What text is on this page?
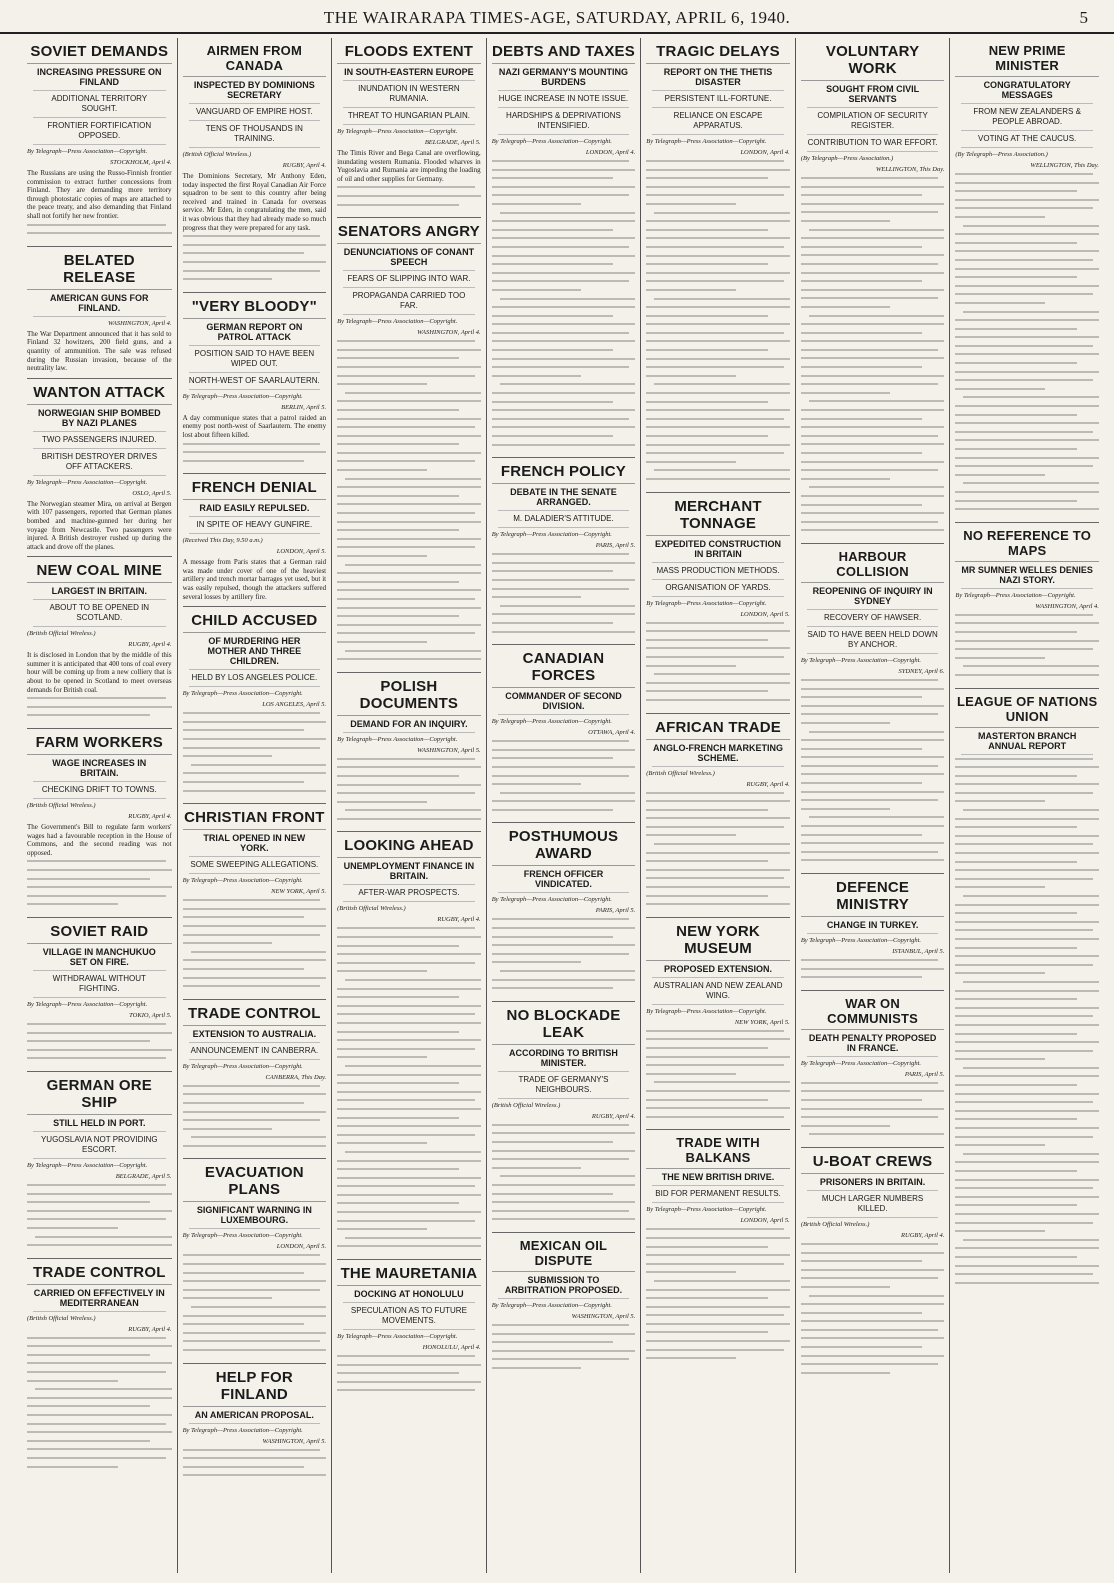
THE WAIRARAPA TIMES-AGE, SATURDAY, APRIL 6, 1940.	5
SOVIET DEMANDS
INCREASING PRESSURE ON FINLAND
ADDITIONAL TERRITORY SOUGHT.
FRONTIER FORTIFICATION OPPOSED.
By Telegraph—Press Association—Copyright.
STOCKHOLM, April 4.
The Russians are using the Russo-Finnish frontier commission to extract further concessions from Finland. They are demanding more territory through photostatic copies of maps are attached to the peace treaty, and also demanding that Finland shall not fortify her new frontier.
BELATED RELEASE
AMERICAN GUNS FOR FINLAND.
WASHINGTON, April 4.
The War Department announced that it has sold to Finland 32 howitzers, 200 field guns, and a quantity of ammunition. The sale was refused during the Russian invasion, because of the neutrality law.
WANTON ATTACK
NORWEGIAN SHIP BOMBED BY NAZI PLANES
TWO PASSENGERS INJURED.
BRITISH DESTROYER DRIVES OFF ATTACKERS.
By Telegraph—Press Association—Copyright.
OSLO, April 5.
The Norwegian steamer Mira, on arrival at Bergen with 107 passengers, reported that German planes bombed and machine-gunned her during her voyage from Newcastle. Two passengers were injured. A British destroyer rushed up during the attack and drove off the planes.
NEW COAL MINE
LARGEST IN BRITAIN.
ABOUT TO BE OPENED IN SCOTLAND.
(British Official Wireless.)
RUGBY, April 4.
It is disclosed in London that by the middle of this summer it is anticipated that 400 tons of coal every hour will be coming up from a new colliery that is about to be opened in Scotland to meet overseas demands for British coal.
FARM WORKERS
WAGE INCREASES IN BRITAIN.
CHECKING DRIFT TO TOWNS.
(British Official Wireless.)
RUGBY, April 4.
The Government's Bill to regulate farm workers' wages had a favourable reception in the House of Commons, and the second reading was not opposed.
SOVIET RAID
VILLAGE IN MANCHUKUO SET ON FIRE.
WITHDRAWAL WITHOUT FIGHTING.
By Telegraph—Press Association—Copyright.
TOKIO, April 5.
GERMAN ORE SHIP
STILL HELD IN PORT.
YUGOSLAVIA NOT PROVIDING ESCORT.
By Telegraph—Press Association—Copyright.
BELGRADE, April 5.
TRADE CONTROL
CARRIED ON EFFECTIVELY IN MEDITERRANEAN
(British Official Wireless.)
RUGBY, April 4.
AIRMEN FROM CANADA
INSPECTED BY DOMINIONS SECRETARY
VANGUARD OF EMPIRE HOST.
TENS OF THOUSANDS IN TRAINING.
(British Official Wireless.)
RUGBY, April 4.
The Dominions Secretary, Mr Anthony Eden, today inspected the first Royal Canadian Air Force squadron to be sent to this country after being received and trained in Canada for overseas service. Mr Eden, in congratulating the men, said it was obvious that they had already made so much progress that they were prepared for any task.
"VERY BLOODY"
GERMAN REPORT ON PATROL ATTACK
POSITION SAID TO HAVE BEEN WIPED OUT.
NORTH-WEST OF SAARLAUTERN.
By Telegraph—Press Association—Copyright.
BERLIN, April 5.
A day communique states that a patrol raided an enemy post north-west of Saarlautern. The enemy lost about fifteen killed.
FRENCH DENIAL
RAID EASILY REPULSED.
IN SPITE OF HEAVY GUNFIRE.
(Received This Day, 9.50 a.m.)
LONDON, April 5.
A message from Paris states that a German raid was made under cover of one of the heaviest artillery and trench mortar barrages yet used, but it was easily repulsed, though the attackers suffered several losses by artillery fire.
CHILD ACCUSED
OF MURDERING HER MOTHER AND THREE CHILDREN.
HELD BY LOS ANGELES POLICE.
By Telegraph—Press Association—Copyright.
LOS ANGELES, April 5.
CHRISTIAN FRONT
TRIAL OPENED IN NEW YORK.
SOME SWEEPING ALLEGATIONS.
By Telegraph—Press Association—Copyright.
NEW YORK, April 5.
TRADE CONTROL
EXTENSION TO AUSTRALIA.
ANNOUNCEMENT IN CANBERRA.
By Telegraph—Press Association—Copyright.
CANBERRA, This Day.
EVACUATION PLANS
SIGNIFICANT WARNING IN LUXEMBOURG.
By Telegraph—Press Association—Copyright.
LONDON, April 5.
HELP FOR FINLAND
AN AMERICAN PROPOSAL.
By Telegraph—Press Association—Copyright.
WASHINGTON, April 5.
FLOODS EXTENT
IN SOUTH-EASTERN EUROPE
INUNDATION IN WESTERN RUMANIA.
THREAT TO HUNGARIAN PLAIN.
By Telegraph—Press Association—Copyright.
BELGRADE, April 5.
The Timis River and Bega Canal are overflowing, inundating western Rumania. Flooded wharves in Yugoslavia and Rumania are impeding the loading of oil and other supplies for Germany.
SENATORS ANGRY
DENUNCIATIONS OF CONANT SPEECH
FEARS OF SLIPPING INTO WAR.
PROPAGANDA CARRIED TOO FAR.
By Telegraph—Press Association—Copyright.
WASHINGTON, April 4.
POLISH DOCUMENTS
DEMAND FOR AN INQUIRY.
By Telegraph—Press Association—Copyright.
WASHINGTON, April 5.
LOOKING AHEAD
UNEMPLOYMENT FINANCE IN BRITAIN.
AFTER-WAR PROSPECTS.
(British Official Wireless.)
RUGBY, April 4.
THE MAURETANIA
DOCKING AT HONOLULU
SPECULATION AS TO FUTURE MOVEMENTS.
By Telegraph—Press Association—Copyright.
HONOLULU, April 4.
DEBTS AND TAXES
NAZI GERMANY'S MOUNTING BURDENS
HUGE INCREASE IN NOTE ISSUE.
HARDSHIPS & DEPRIVATIONS INTENSIFIED.
By Telegraph—Press Association—Copyright.
LONDON, April 4.
FRENCH POLICY
DEBATE IN THE SENATE ARRANGED.
M. DALADIER'S ATTITUDE.
By Telegraph—Press Association—Copyright.
PARIS, April 5.
CANADIAN FORCES
COMMANDER OF SECOND DIVISION.
By Telegraph—Press Association—Copyright.
OTTAWA, April 4.
POSTHUMOUS AWARD
FRENCH OFFICER VINDICATED.
By Telegraph—Press Association—Copyright.
PARIS, April 5.
NO BLOCKADE LEAK
ACCORDING TO BRITISH MINISTER.
TRADE OF GERMANY'S NEIGHBOURS.
(British Official Wireless.)
RUGBY, April 4.
MEXICAN OIL DISPUTE
SUBMISSION TO ARBITRATION PROPOSED.
By Telegraph—Press Association—Copyright.
WASHINGTON, April 5.
TRAGIC DELAYS
REPORT ON THE THETIS DISASTER
PERSISTENT ILL-FORTUNE.
RELIANCE ON ESCAPE APPARATUS.
By Telegraph—Press Association—Copyright.
LONDON, April 4.
MERCHANT TONNAGE
EXPEDITED CONSTRUCTION IN BRITAIN
MASS PRODUCTION METHODS.
ORGANISATION OF YARDS.
By Telegraph—Press Association—Copyright.
LONDON, April 5.
AFRICAN TRADE
ANGLO-FRENCH MARKETING SCHEME.
(British Official Wireless.)
RUGBY, April 4.
NEW YORK MUSEUM
PROPOSED EXTENSION.
AUSTRALIAN AND NEW ZEALAND WING.
By Telegraph—Press Association—Copyright.
NEW YORK, April 5.
TRADE WITH BALKANS
THE NEW BRITISH DRIVE.
BID FOR PERMANENT RESULTS.
By Telegraph—Press Association—Copyright.
LONDON, April 5.
VOLUNTARY WORK
SOUGHT FROM CIVIL SERVANTS
COMPILATION OF SECURITY REGISTER.
CONTRIBUTION TO WAR EFFORT.
(By Telegraph—Press Association.)
WELLINGTON, This Day.
HARBOUR COLLISION
REOPENING OF INQUIRY IN SYDNEY
RECOVERY OF HAWSER.
SAID TO HAVE BEEN HELD DOWN BY ANCHOR.
By Telegraph—Press Association—Copyright.
SYDNEY, April 6.
DEFENCE MINISTRY
CHANGE IN TURKEY.
By Telegraph—Press Association—Copyright.
ISTANBUL, April 5.
WAR ON COMMUNISTS
DEATH PENALTY PROPOSED IN FRANCE.
By Telegraph—Press Association—Copyright.
PARIS, April 5.
U-BOAT CREWS
PRISONERS IN BRITAIN.
MUCH LARGER NUMBERS KILLED.
(British Official Wireless.)
RUGBY, April 4.
NEW PRIME MINISTER
CONGRATULATORY MESSAGES
FROM NEW ZEALANDERS & PEOPLE ABROAD.
VOTING AT THE CAUCUS.
(By Telegraph—Press Association.)
WELLINGTON, This Day.
NO REFERENCE TO MAPS
MR SUMNER WELLES DENIES NAZI STORY.
By Telegraph—Press Association—Copyright.
WASHINGTON, April 4.
LEAGUE OF NATIONS UNION
MASTERTON BRANCH ANNUAL REPORT
